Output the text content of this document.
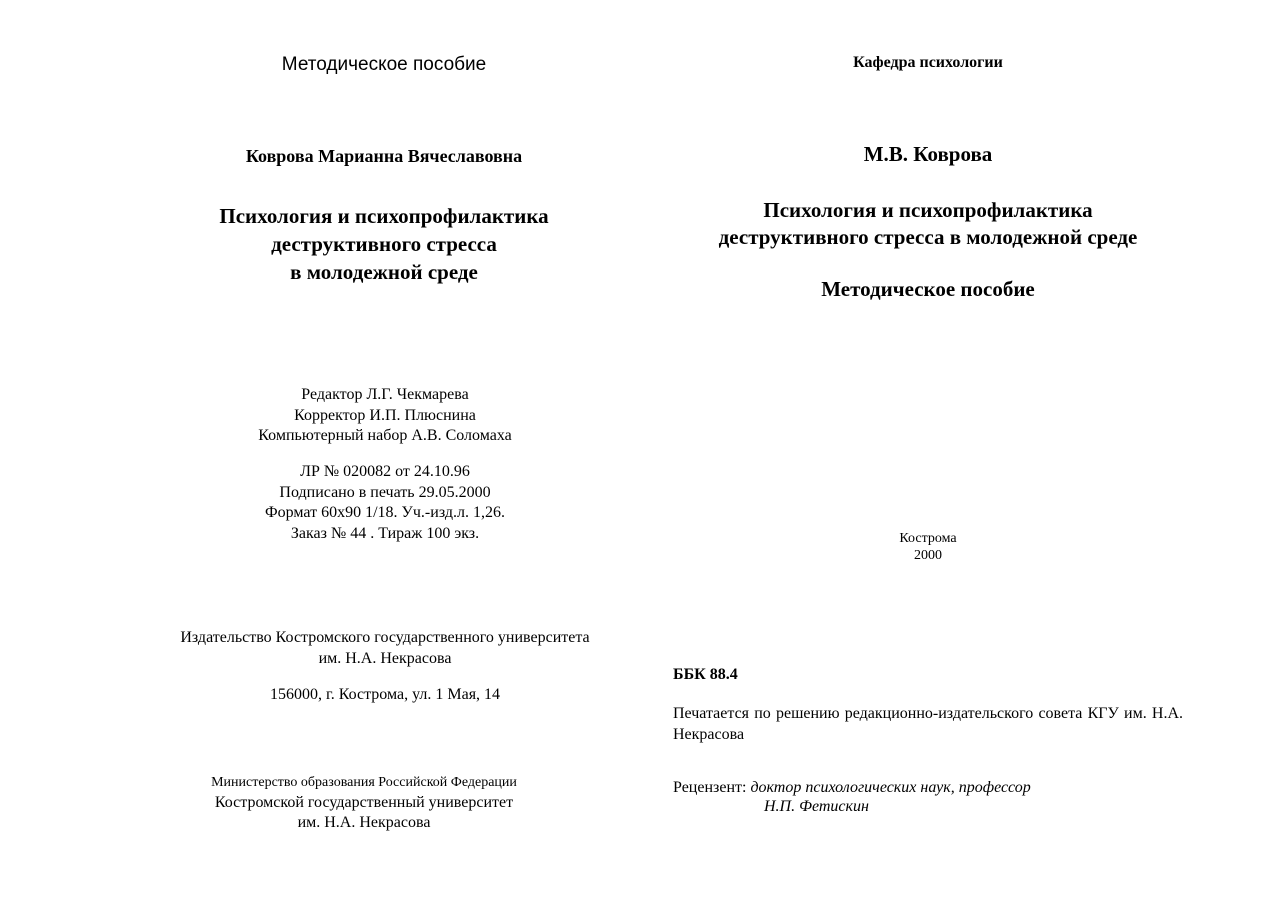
Методическое пособие
Коврова Марианна Вячеславовна
Психология и психопрофилактика
деструктивного стресса
в молодежной среде
Редактор Л.Г. Чекмарева
Корректор И.П. Плюснина
Компьютерный набор А.В. Соломаха
ЛР № 020082 от 24.10.96
Подписано в печать 29.05.2000
Формат 60х90 1/18. Уч.-изд.л. 1,26.
Заказ № 44 . Тираж 100 экз.
Издательство Костромского государственного университета
им. Н.А. Некрасова
156000, г. Кострома, ул. 1 Мая, 14
Министерство образования Российской Федерации
Костромской государственный университет
им. Н.А. Некрасова
Кафедра психологии
М.В. Коврова
Психология и психопрофилактика
деструктивного стресса в молодежной среде
Методическое пособие
Кострома
2000
ББК 88.4
Печатается по решению редакционно-издательского совета КГУ им. Н.А. Некрасова
Рецензент: доктор психологических наук, профессор
Н.П. Фетискин
